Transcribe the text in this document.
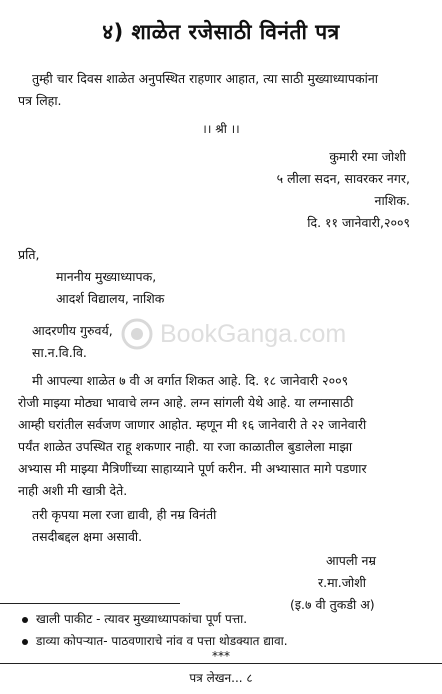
४) शाळेत रजेसाठी विनंती पत्र
तुम्ही चार दिवस शाळेत अनुपस्थित राहणार आहात, त्या साठी मुख्याध्यापकांना
पत्र लिहा.
।। श्री ।।
कुमारी रमा जोशी
५ लीला सदन, सावरकर नगर,
नाशिक.
दि. ११ जानेवारी,२००९
प्रति,
माननीय मुख्याध्यापक,
आदर्श विद्यालय, नाशिक
BookGanga.com
आदरणीय गुरुवर्य,
सा.न.वि.वि.
मी आपल्या शाळेत ७ वी अ वर्गात शिकत आहे. दि. १८ जानेवारी २००९
रोजी माझ्या मोठ्या भावाचे लग्न आहे. लग्न सांगली येथे आहे. या लग्नासाठी
आम्ही घरांतील सर्वजण जाणार आहोत. म्हणून मी १६ जानेवारी ते २२ जानेवारी
पर्यंत शाळेत उपस्थित राहू शकणार नाही. या रजा काळातील बुडालेला माझा
अभ्यास मी माझ्या मैत्रिणींच्या साहाय्याने पूर्ण करीन. मी अभ्यासात मागे पडणार
नाही अशी मी खात्री देते.
तरी कृपया मला रजा द्यावी, ही नम्र विनंती
तसदीबद्दल क्षमा असावी.
आपली नम्र
र.मा.जोशी
(इ.७ वी तुकडी अ)
खाली पाकीट - त्यावर मुख्याध्यापकांचा पूर्ण पत्ता.
डाव्या कोपऱ्यात- पाठवणाराचे नांव व पत्ता थोडक्यात द्यावा.
***
पत्र लेखन... ८
